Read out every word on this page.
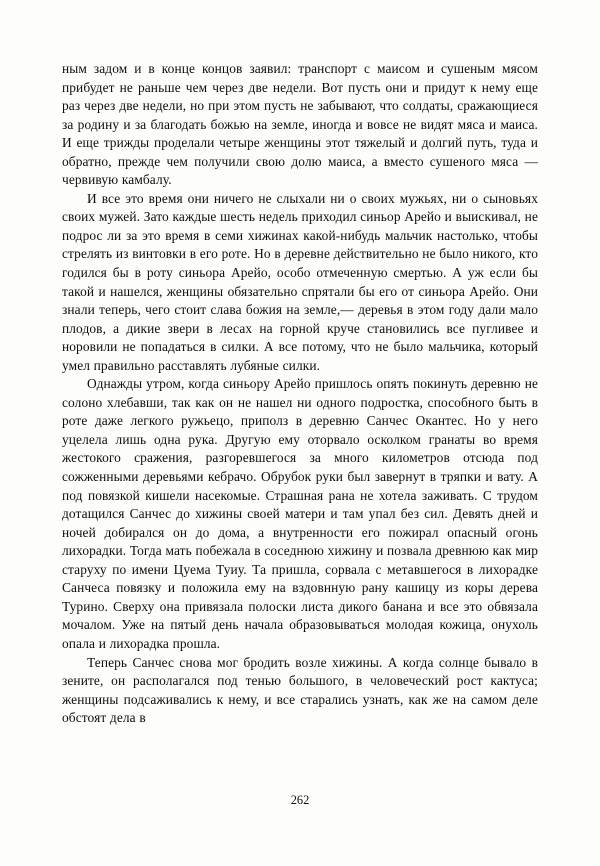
ным задом и в конце концов заявил: транспорт с маисом и сушеным мясом прибудет не раньше чем через две недели. Вот пусть они и придут к нему еще раз через две недели, но при этом пусть не забывают, что солдаты, сражающиеся за родину и за благодать божью на земле, иногда и вовсе не видят мяса и маиса. И еще трижды проделали четыре женщины этот тяжелый и долгий путь, туда и обратно, прежде чем получили свою долю маиса, а вместо сушеного мяса — червивую камбалу.

И все это время они ничего не слыхали ни о своих мужьях, ни о сыновьях своих мужей. Зато каждые шесть недель приходил синьор Арейо и выискивал, не подрос ли за это время в семи хижинах какой-нибудь мальчик настолько, чтобы стрелять из винтовки в его роте. Но в деревне действительно не было никого, кто годился бы в роту синьора Арейо, особо отмеченную смертью. А уж если бы такой и нашелся, женщины обязательно спрятали бы его от синьора Арейо. Они знали теперь, чего стоит слава божия на земле,— деревья в этом году дали мало плодов, а дикие звери в лесах на горной круче становились все пугливее и норовили не попадаться в силки. А все потому, что не было мальчика, который умел правильно расставлять лубяные силки.

Однажды утром, когда синьору Арейо пришлось опять покинуть деревню не солоно хлебавши, так как он не нашел ни одного подростка, способного быть в роте даже легкого ружьецо, приполз в деревню Санчес Окантес. Но у него уцелела лишь одна рука. Другую ему оторвало осколком гранаты во время жестокого сражения, разгоревшегося за много километров отсюда под сожженными деревьями кебрачо. Обрубок руки был завернут в тряпки и вату. А под повязкой кишели насекомые. Страшная рана не хотела заживать. С трудом дотащился Санчес до хижины своей матери и там упал без сил. Девять дней и ночей добирался он до дома, а внутренности его пожирал опасный огонь лихорадки. Тогда мать побежала в соседнюю хижину и позвала древнюю как мир старуху по имени Цуема Туиу. Та пришла, сорвала с метавшегося в лихорадке Санчеса повязку и положила ему на вздовнную рану кашицу из коры дерева Турино. Сверху она привязала полоски листа дикого банана и все это обвязала мочалом. Уже на пятый день начала образовываться молодая кожица, онухоль опала и лихорадка прошла.

Теперь Санчес снова мог бродить возле хижины. А когда солнце бывало в зените, он располагался под тенью большого, в человеческий рост кактуса; женщины подсаживались к нему, и все старались узнать, как же на самом деле обстоят дела в

262
